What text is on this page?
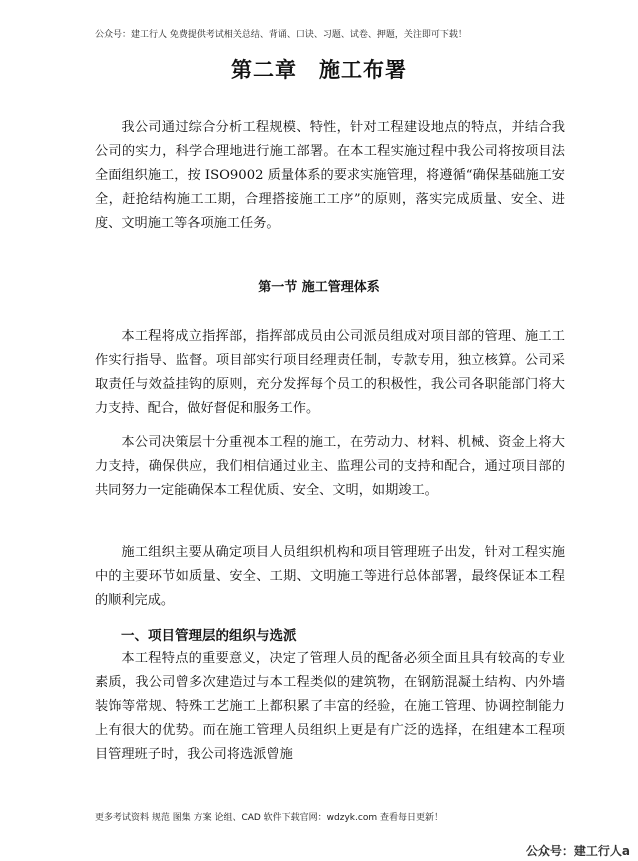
公众号：建工行人 免费提供考试相关总结、背诵、口诀、习题、试卷、押题，关注即可下载！
第二章　施工布署

我公司通过综合分析工程规模、特性，针对工程建设地点的特点，并结合我公司的实力，科学合理地进行施工部署。在本工程实施过程中我公司将按项目法全面组织施工，按 ISO9002 质量体系的要求实施管理，将遵循“确保基础施工安全，赶抢结构施工工期，合理搭接施工工序”的原则，落实完成质量、安全、进度、文明施工等各项施工任务。

第一节 施工管理体系

本工程将成立指挥部，指挥部成员由公司派员组成对项目部的管理、施工工作实行指导、监督。项目部实行项目经理责任制，专款专用，独立核算。公司采取责任与效益挂钩的原则，充分发挥每个员工的积极性，我公司各职能部门将大力支持、配合，做好督促和服务工作。

本公司决策层十分重视本工程的施工，在劳动力、材料、机械、资金上将大力支持，确保供应，我们相信通过业主、监理公司的支持和配合，通过项目部的共同努力一定能确保本工程优质、安全、文明，如期竣工。

施工组织主要从确定项目人员组织机构和项目管理班子出发，针对工程实施中的主要环节如质量、安全、工期、文明施工等进行总体部署，最终保证本工程的顺利完成。

一、项目管理层的组织与选派

本工程特点的重要意义，决定了管理人员的配备必须全面且具有较高的专业素质，我公司曾多次建造过与本工程类似的建筑物，在钢筋混凝土结构、内外墙装饰等常规、特殊工艺施工上都积累了丰富的经验，在施工管理、协调控制能力上有很大的优势。而在施工管理人员组织上更是有广泛的选择，在组建本工程项目管理班子时，我公司将选派曾施

更多考试资料 规范 图集 方案 论组、CAD 软件下载官网：wdzyk.com 查看每日更新！
公众号：建工行人a
